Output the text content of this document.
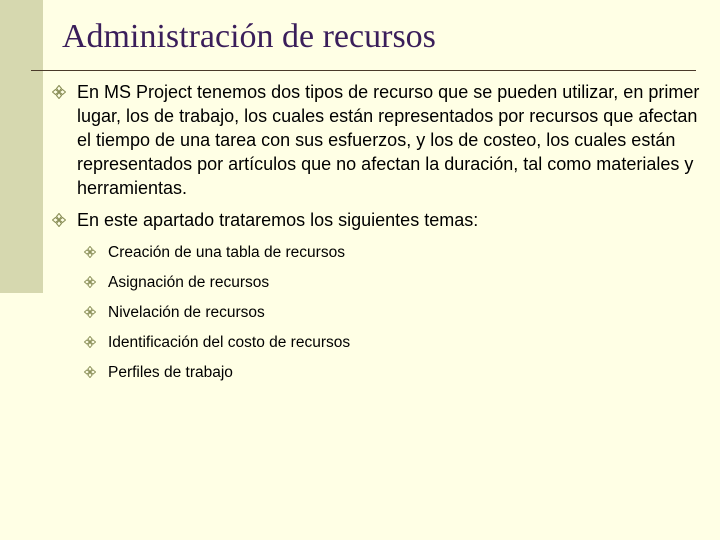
Administración de recursos
En MS Project tenemos dos tipos de recurso que se pueden utilizar, en primer lugar, los de trabajo, los cuales están representados por recursos que afectan el tiempo de una tarea con sus esfuerzos, y los de costeo, los cuales están representados por artículos que no afectan la duración, tal como materiales y herramientas.
En este apartado trataremos los siguientes temas:
Creación de una tabla de recursos
Asignación de recursos
Nivelación de recursos
Identificación del costo de recursos
Perfiles de trabajo
